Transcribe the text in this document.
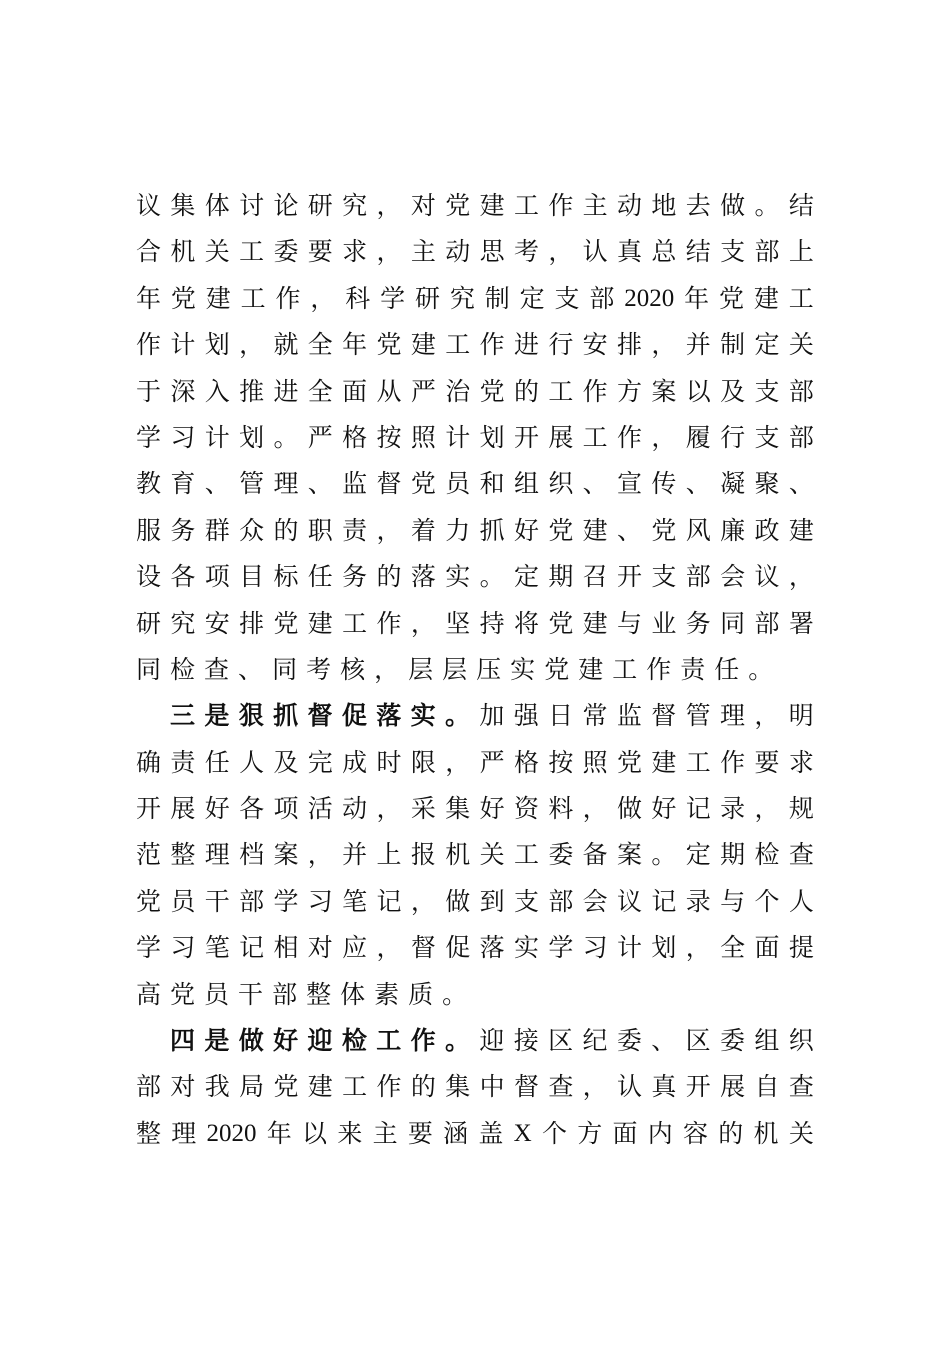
议 集 体 讨 论 研 究 ， 对 党 建 工 作 主 动 地 去 做 。 结
合 机 关 工 委 要 求 ， 主 动 思 考 ， 认 真 总 结 支 部 上
年 党 建 工 作 ， 科 学 研 究 制 定 支 部 2020 年 党 建 工
作 计 划 ， 就 全 年 党 建 工 作 进 行 安 排 ， 并 制 定 关
于 深 入 推 进 全 面 从 严 治 党 的 工 作 方 案 以 及 支 部
学 习 计 划 。 严 格 按 照 计 划 开 展 工 作 ， 履 行 支 部
教 育 、 管 理 、 监 督 党 员 和 组 织 、 宣 传 、 凝 聚 、
服 务 群 众 的 职 责 ， 着 力 抓 好 党 建 、 党 风 廉 政 建
设 各 项 目 标 任 务 的 落 实 。 定 期 召 开 支 部 会 议 ，
研 究 安 排 党 建 工 作 ， 坚 持 将 党 建 与 业 务 同 部 署
同 检 查 、 同 考 核 ， 层 层 压 实 党 建 工 作 责 任 。
三 是 狠 抓 督 促 落 实 。 加 强 日 常 监 督 管 理 ， 明
确 责 任 人 及 完 成 时 限 ， 严 格 按 照 党 建 工 作 要 求
开 展 好 各 项 活 动 ， 采 集 好 资 料 ， 做 好 记 录 ， 规
范 整 理 档 案 ， 并 上 报 机 关 工 委 备 案 。 定 期 检 查
党 员 干 部 学 习 笔 记 ， 做 到 支 部 会 议 记 录 与 个 人
学 习 笔 记 相 对 应 ， 督 促 落 实 学 习 计 划 ， 全 面 提
高 党 员 干 部 整 体 素 质 。
四 是 做 好 迎 检 工 作 。 迎 接 区 纪 委 、 区 委 组 织
部 对 我 局 党 建 工 作 的 集 中 督 查 ， 认 真 开 展 自 查
整 理 2020 年 以 来 主 要 涵 盖 X 个 方 面 内 容 的 机 关
